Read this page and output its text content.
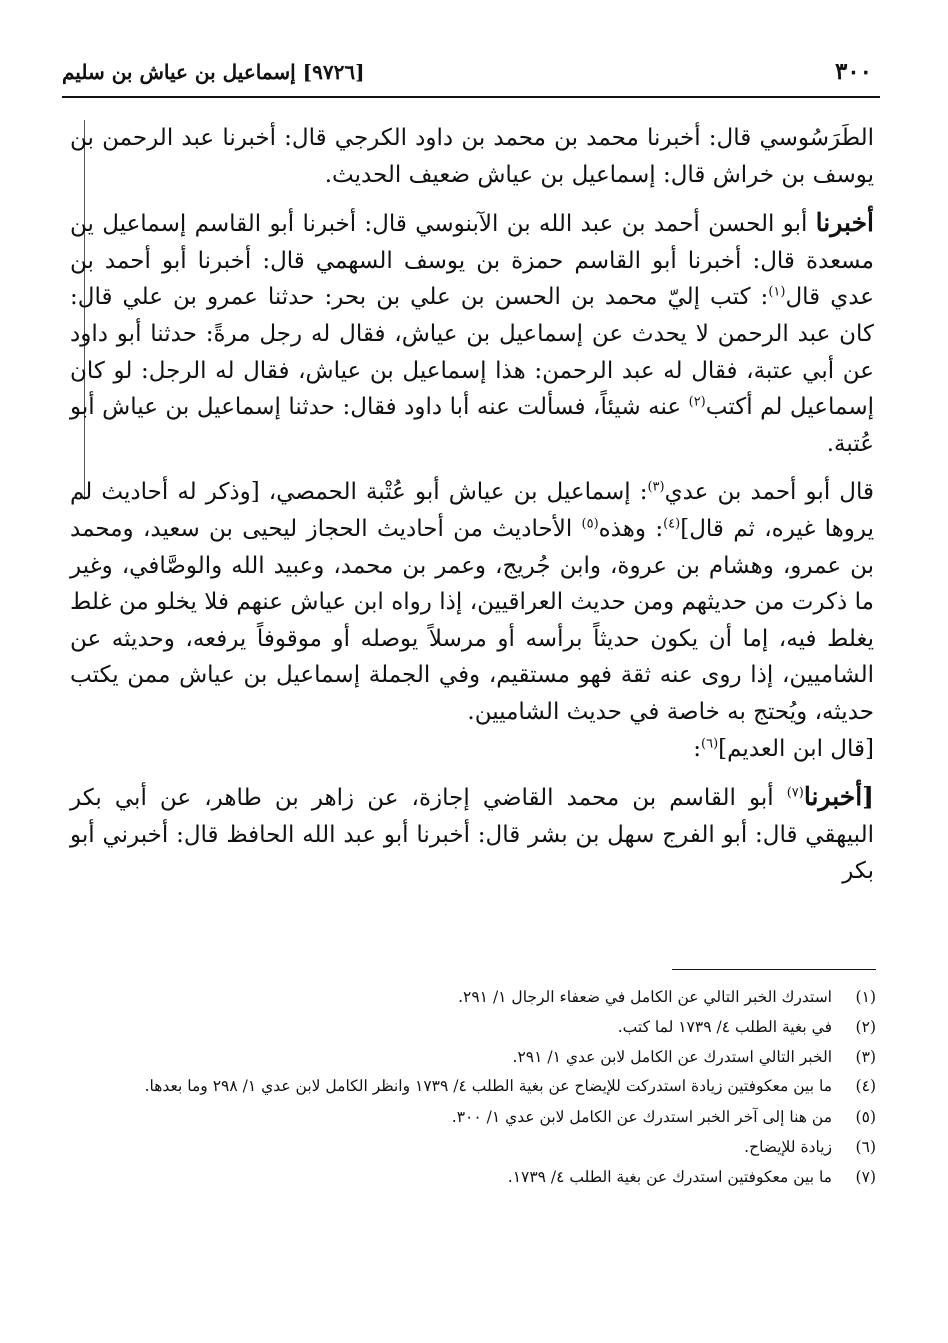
٣٠٠
[٩٧٢٦] إسماعيل بن عياش بن سليم

الطَرَسُوسي قال: أخبرنا محمد بن محمد بن داود الكرجي قال: أخبرنا عبد الرحمن بن يوسف بن خراش قال: إسماعيل بن عياش ضعيف الحديث.

أخبرنا أبو الحسن أحمد بن عبد الله بن الآبنوسي قال: أخبرنا أبو القاسم إسماعيل ين مسعدة قال: أخبرنا أبو القاسم حمزة بن يوسف السهمي قال: أخبرنا أبو أحمد بن عدي قال$^{(١)}$: كتب إليّ محمد بن الحسن بن علي بن بحر: حدثنا عمرو بن علي قال: كان عبد الرحمن لا يحدث عن إسماعيل بن عياش، فقال له رجل مرةً: حدثنا أبو داود عن أبي عتبة، فقال له عبد الرحمن: هذا إسماعيل بن عياش، فقال له الرجل: لو كان إسماعيل لم أكتب$^{(٢)}$ عنه شيئاً، فسألت عنه أبا داود فقال: حدثنا إسماعيل بن عياش أبو عُتبة.

قال أبو أحمد بن عدي$^{(٣)}$: إسماعيل بن عياش أبو عُتْبة الحمصي، [وذكر له أحاديث لم يروها غيره، ثم قال]$^{(٤)}$: وهذه$^{(٥)}$ الأحاديث من أحاديث الحجاز ليحيى بن سعيد، ومحمد بن عمرو، وهشام بن عروة، وابن جُريج، وعمر بن محمد، وعبيد الله والوصَّافي، وغير ما ذكرت من حديثهم ومن حديث العراقيين، إذا رواه ابن عياش عنهم فلا يخلو من غلط يغلط فيه، إما أن يكون حديثاً برأسه أو مرسلاً يوصله أو موقوفاً يرفعه، وحديثه عن الشاميين، إذا روى عنه ثقة فهو مستقيم، وفي الجملة إسماعيل بن عياش ممن يكتب حديثه، ويُحتج به خاصة في حديث الشاميين.

[قال ابن العديم]$^{(٦)}$:

[أخبرنا$^{(٧)}$ أبو القاسم بن محمد القاضي إجازة، عن زاهر بن طاهر، عن أبي بكر البيهقي قال: أبو الفرج سهل بن بشر قال: أخبرنا أبو عبد الله الحافظ قال: أخبرني أبو بكر

(١)
استدرك الخبر التالي عن الكامل في ضعفاء الرجال ١/ ٢٩١.
(٢)
في بغية الطلب ٤/ ١٧٣٩ لما كتب.
(٣)
الخبر التالي استدرك عن الكامل لابن عدي ١/ ٢٩١.
(٤)
ما بين معكوفتين زيادة استدركت للإيضاح عن بغية الطلب ٤/ ١٧٣٩ وانظر الكامل لابن عدي ١/ ٢٩٨ وما بعدها.
(٥)
من هنا إلى آخر الخبر استدرك عن الكامل لابن عدي ١/ ٣٠٠.
(٦)
زيادة للإيضاح.
(٧)
ما بين معكوفتين استدرك عن بغية الطلب ٤/ ١٧٣٩.
